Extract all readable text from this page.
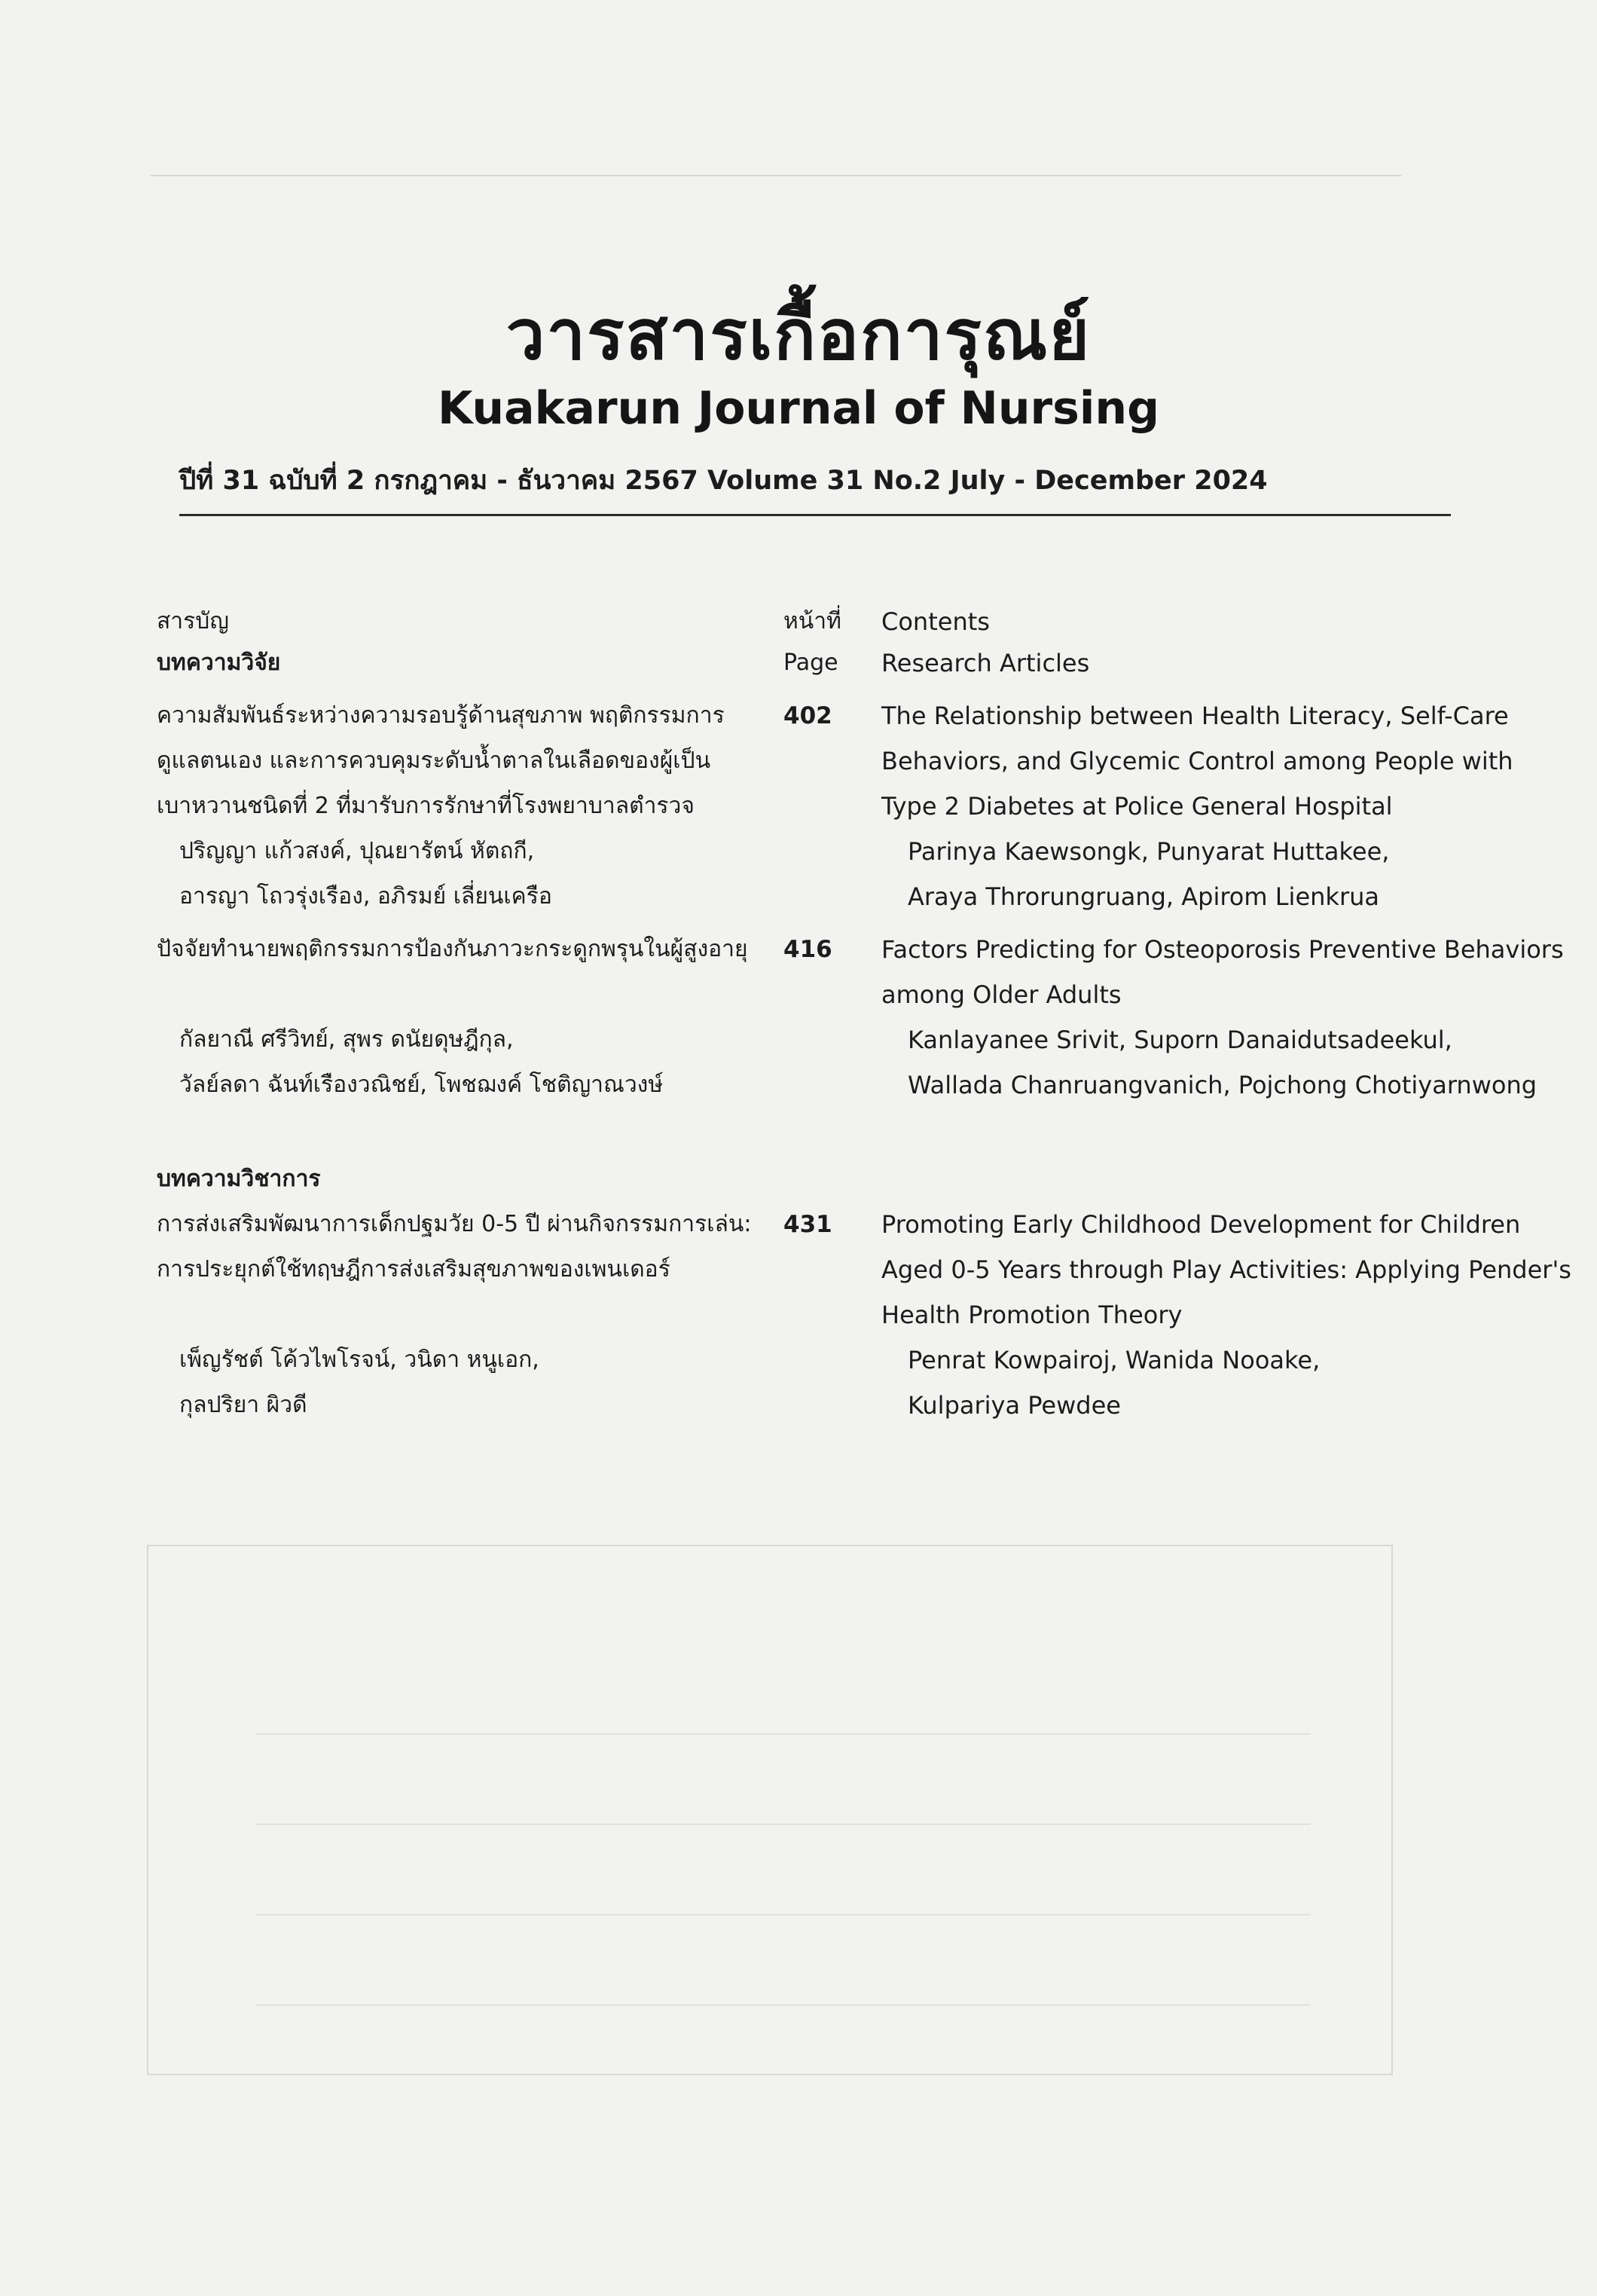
วารสารเกื้อการุณย์
Kuakarun Journal of Nursing
ปีที่ 31 ฉบับที่ 2 กรกฎาคม - ธันวาคม 2567 Volume 31 No.2 July - December 2024
สารบัญ	หน้าที่ Contents
บทความวิจัย	Page Research Articles
ความสัมพันธ์ระหว่างความรอบรู้ด้านสุขภาพ พฤติกรรมการ
ดูแลตนเอง และการควบคุมระดับน้ำตาลในเลือดของผู้เป็น
เบาหวานชนิดที่ 2 ที่มารับการรักษาที่โรงพยาบาลตำรวจ
ปริญญา แก้วสงค์, ปุณยารัตน์ หัตถกี,
อารญา โถวรุ่งเรือง, อภิรมย์ เลี่ยนเครือ
402 The Relationship between Health Literacy, Self-Care
Behaviors, and Glycemic Control among People with
Type 2 Diabetes at Police General Hospital
Parinya Kaewsongk, Punyarat Huttakee,
Araya Throrungruang, Apirom Lienkrua
ปัจจัยทำนายพฤติกรรมการป้องกันภาวะกระดูกพรุนในผู้สูงอายุ
กัลยาณี ศรีวิทย์, สุพร ดนัยดุษฎีกุล,
วัลย์ลดา ฉันท์เรืองวณิชย์, โพชฌงค์ โชติญาณวงษ์
416 Factors Predicting for Osteoporosis Preventive Behaviors
among Older Adults
Kanlayanee Srivit, Suporn Danaidutsadeekul,
Wallada Chanruangvanich, Pojchong Chotiyarnwong
บทความวิชาการ
การส่งเสริมพัฒนาการเด็กปฐมวัย 0-5 ปี ผ่านกิจกรรมการเล่น:
การประยุกต์ใช้ทฤษฎีการส่งเสริมสุขภาพของเพนเดอร์
เพ็ญรัชต์ โค้วไพโรจน์, วนิดา หนูเอก,
กุลปริยา ผิวดี
431 Promoting Early Childhood Development for Children
Aged 0-5 Years through Play Activities: Applying Pender's
Health Promotion Theory
Penrat Kowpairoj, Wanida Nooake,
Kulpariya Pewdee
